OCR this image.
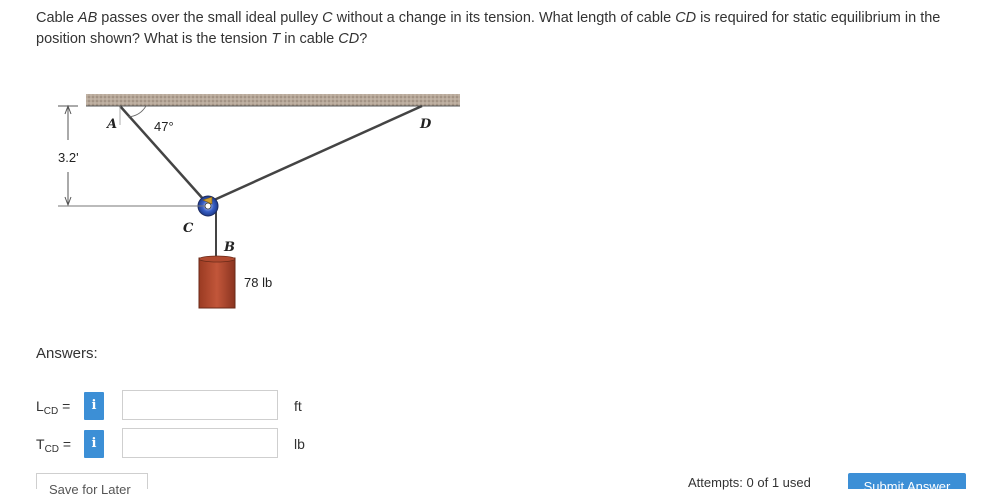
Cable AB passes over the small ideal pulley C without a change in its tension. What length of cable CD is required for static equilibrium in the position shown? What is the tension T in cable CD?
A	47°	D
3.2'
C
B
78 lb
Answers:
$L_{CD}$ =	i	ft
$T_{CD}$ =	i	lb
Save for Later	Attempts: 0 of 1 used	Submit Answer
